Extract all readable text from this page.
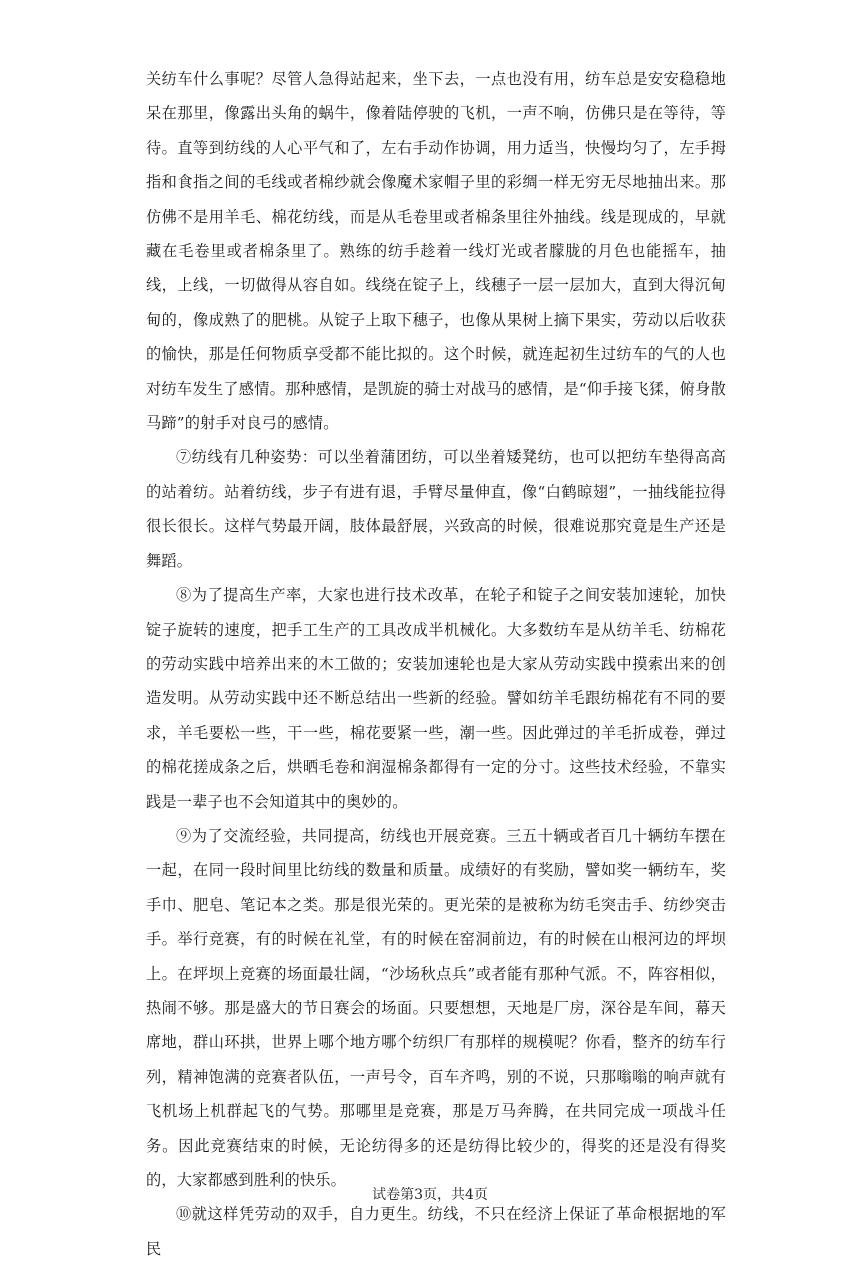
关纺车什么事呢？尽管人急得站起来，坐下去，一点也没有用，纺车总是安安稳稳地呆在那里，像露出头角的蜗牛，像着陆停驶的飞机，一声不响，仿佛只是在等待，等待。直等到纺线的人心平气和了，左右手动作协调，用力适当，快慢均匀了，左手拇指和食指之间的毛线或者棉纱就会像魔术家帽子里的彩绸一样无穷无尽地抽出来。那仿佛不是用羊毛、棉花纺线，而是从毛卷里或者棉条里往外抽线。线是现成的，早就藏在毛卷里或者棉条里了。熟练的纺手趁着一线灯光或者朦胧的月色也能摇车，抽线，上线，一切做得从容自如。线绕在锭子上，线穗子一层一层加大，直到大得沉甸甸的，像成熟了的肥桃。从锭子上取下穗子，也像从果树上摘下果实，劳动以后收获的愉快，那是任何物质享受都不能比拟的。这个时候，就连起初生过纺车的气的人也对纺车发生了感情。那种感情，是凯旋的骑士对战马的感情，是“仰手接飞猱，俯身散马蹄”的射手对良弓的感情。

⑦纺线有几种姿势：可以坐着蒲团纺，可以坐着矮凳纺，也可以把纺车垫得高高的站着纺。站着纺线，步子有进有退，手臂尽量伸直，像“白鹤晾翅”，一抽线能拉得很长很长。这样气势最开阔，肢体最舒展，兴致高的时候，很难说那究竟是生产还是舞蹈。

⑧为了提高生产率，大家也进行技术改革，在轮子和锭子之间安装加速轮，加快锭子旋转的速度，把手工生产的工具改成半机械化。大多数纺车是从纺羊毛、纺棉花的劳动实践中培养出来的木工做的；安装加速轮也是大家从劳动实践中摸索出来的创造发明。从劳动实践中还不断总结出一些新的经验。譬如纺羊毛跟纺棉花有不同的要求，羊毛要松一些，干一些，棉花要紧一些，潮一些。因此弹过的羊毛折成卷，弹过的棉花搓成条之后，烘晒毛卷和润湿棉条都得有一定的分寸。这些技术经验，不靠实践是一辈子也不会知道其中的奥妙的。

⑨为了交流经验，共同提高，纺线也开展竞赛。三五十辆或者百几十辆纺车摆在一起，在同一段时间里比纺线的数量和质量。成绩好的有奖励，譬如奖一辆纺车，奖手巾、肥皂、笔记本之类。那是很光荣的。更光荣的是被称为纺毛突击手、纺纱突击手。举行竞赛，有的时候在礼堂，有的时候在窑洞前边，有的时候在山根河边的坪坝上。在坪坝上竞赛的场面最壮阔，“沙场秋点兵”或者能有那种气派。不，阵容相似，热闹不够。那是盛大的节日赛会的场面。只要想想，天地是厂房，深谷是车间，幕天席地，群山环拱，世界上哪个地方哪个纺织厂有那样的规模呢？你看，整齐的纺车行列，精神饱满的竞赛者队伍，一声号令，百车齐鸣，别的不说，只那嗡嗡的响声就有飞机场上机群起飞的气势。那哪里是竞赛，那是万马奔腾，在共同完成一项战斗任务。因此竞赛结束的时候，无论纺得多的还是纺得比较少的，得奖的还是没有得奖的，大家都感到胜利的快乐。

⑩就这样凭劳动的双手，自力更生。纺线，不只在经济上保证了革命根据地的军民

试卷第3页，共4页
